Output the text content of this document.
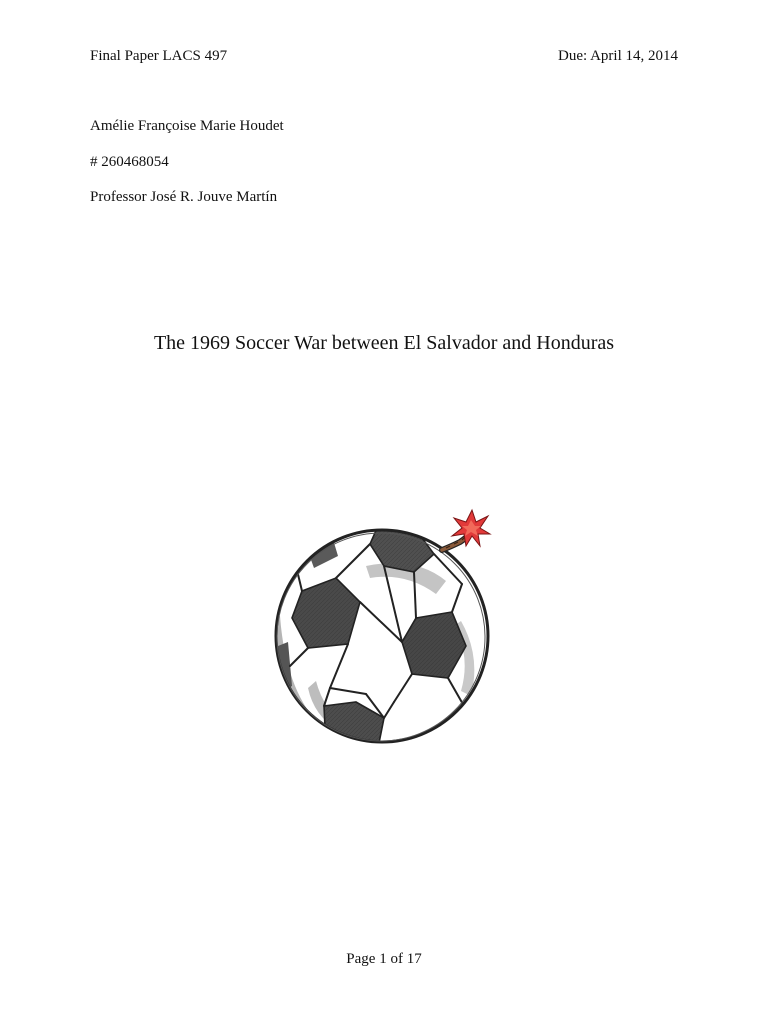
Final Paper LACS 497	Due: April 14, 2014
Amélie Françoise Marie Houdet
# 260468054
Professor José R. Jouve Martín
The 1969 Soccer War between El Salvador and Honduras
Page 1 of 17
